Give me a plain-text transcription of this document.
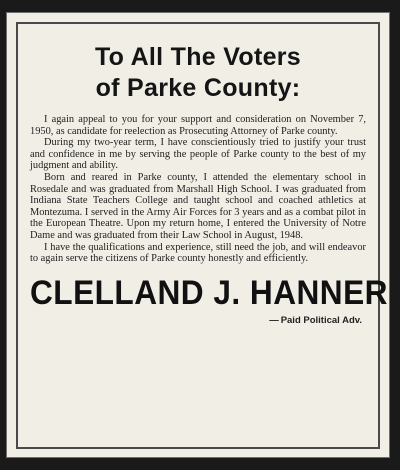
To All The Voters
of Parke County:

I again appeal to you for your support and consideration on November 7, 1950, as candidate for reelection as Prosecuting Attorney of Parke county.

During my two-year term, I have conscientiously tried to justify your trust and confidence in me by serving the people of Parke county to the best of my judgment and ability.

Born and reared in Parke county, I attended the elementary school in Rosedale and was graduated from Marshall High School. I was graduated from Indiana State Teachers College and taught school and coached athletics at Montezuma. I served in the Army Air Forces for 3 years and as a combat pilot in the European Theatre. Upon my return home, I entered the University of Notre Dame and was graduated from their Law School in August, 1948.

I have the qualifications and experience, still need the job, and will endeavor to again serve the citizens of Parke county honestly and efficiently.

CLELLAND J. HANNER
— Paid Political Adv.
